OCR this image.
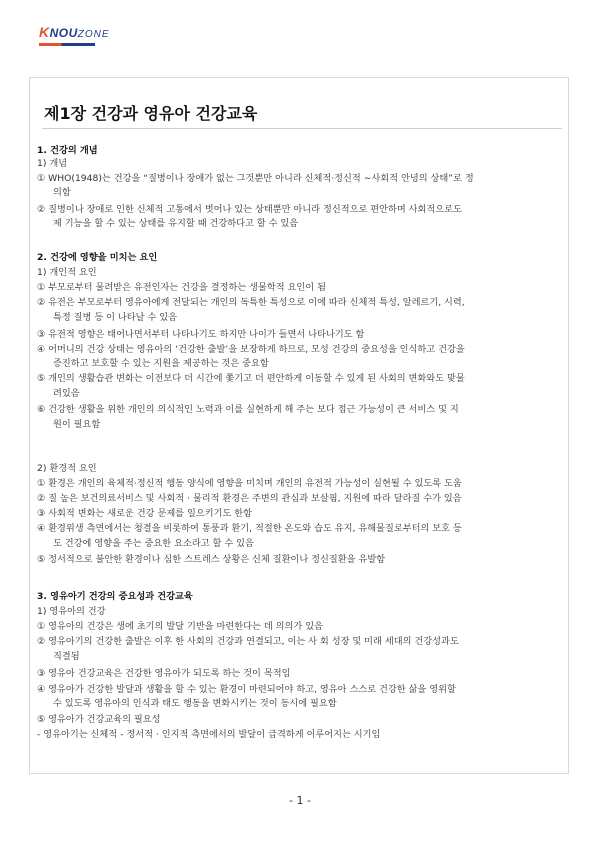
KNOUZONE
제1장 건강과 영유아 건강교육
1. 건강의 개념
1) 개념
① WHO(1948)는 건강을 “질병이나 장애가 없는 그것뿐만 아니라 신체적·정신적 ∼사회적 안녕의 상태”로 정
의함
② 질병이나 장애로 인한 신체적 고통에서 벗어나 있는 상태뿐만 아니라 정신적으로 편안하며 사회적으로도
제 기능을 할 수 있는 상태를 유지할 때 건강하다고 할 수 있음
2. 건강에 영향을 미치는 요인
1) 개인적 요인
① 부모로부터 물려받은 유전인자는 건강을 결정하는 생물학적 요인이 됨
② 유전은 부모로부터 영유아에게 전달되는 개인의 독특한 특성으로 이에 따라 신체적 특성, 알레르기, 시력,
특정 질병 등 이 나타날 수 있음
③ 유전적 영향은 태어나면서부터 나타나기도 하지만 나이가 들면서 나타나기도 함
④ 어머니의 건강 상태는 영유아의 ‘건강한 출발’을 보장하게 하므로, 모성 건강의 중요성을 인식하고 건강을
증진하고 보호할 수 있는 지원을 제공하는 것은 중요함
⑤ 개인의 생활습관 변화는 이전보다 더 시간에 쫓기고 더 편안하게 이동할 수 있게 된 사회의 변화와도 맞물
려있음
⑥ 건강한 생활을 위한 개인의 의식적인 노력과 이를 실현하게 해 주는 보다 접근 가능성이 큰 서비스 및 지
원이 필요함
2) 환경적 요인
① 환경은 개인의 육체적·정신적 행동 양식에 영향을 미치며 개인의 유전적 가능성이 실현될 수 있도록 도움
② 질 높은 보건의료서비스 및 사회적 · 물리적 환경은 주변의 관심과 보살핌, 지원에 따라 달라질 수가 있음
③ 사회적 변화는 새로운 건강 문제를 일으키기도 한함
④ 환경위생 측면에서는 청결을 비롯하여 통풍과 환기, 적절한 온도와 습도 유지, 유해물질로부터의 보호 등
도 건강에 영향을 주는 중요한 요소라고 할 수 있음
⑤ 정서적으로 불안한 환경이나 심한 스트레스 상황은 신체 질환이나 정신질환을 유발함
3. 영유아기 건강의 중요성과 건강교육
1) 영유아의 건강
① 영유아의 건강은 생에 초기의 발달 기반을 마련한다는 데 의의가 있음
② 영유아기의 건강한 출발은 이후 한 사회의 건강과 연결되고, 이는 사 회 성장 및 미래 세대의 건강성과도
직결됨
③ 영유아 건강교육은 건강한 영유아가 되도록 하는 것이 목적임
④ 영유아가 건강한 발달과 생활을 할 수 있는 환경이 마련되어야 하고, 영유아 스스로 건강한 삶을 영위할
수 있도록 영유아의 인식과 태도 행동을 변화시키는 것이 동시에 필요함
⑤ 영유아가 건강교육의 필요성
- 영유아기는 신체적 - 정서적 · 인지적 측면에서의 발달이 급격하게 이루어지는 시기임
- 1 -
